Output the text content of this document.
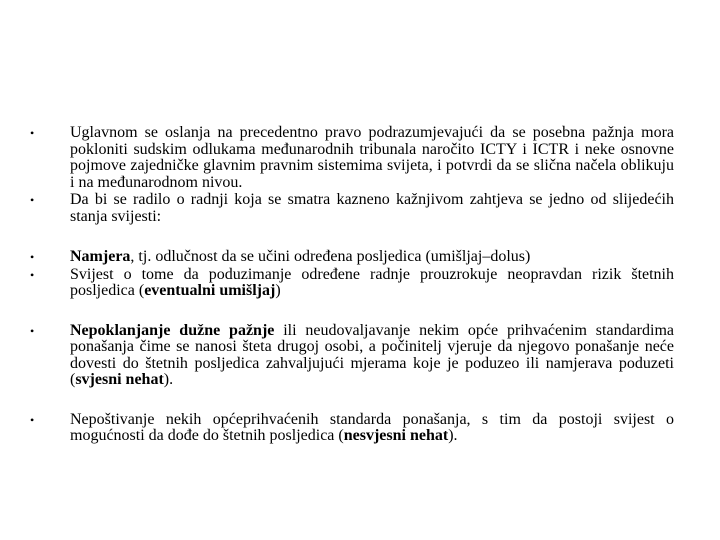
•	Uglavnom se oslanja na precedentno pravo podrazumjevajući da se posebna pažnja mora pokloniti sudskim odlukama međunarodnih tribunala naročito ICTY i ICTR i neke osnovne pojmove zajedničke glavnim pravnim sistemima svijeta, i potvrdi da se slična načela oblikuju i na međunarodnom nivou.
•	Da bi se radilo o radnji koja se smatra kazneno kažnjivom zahtjeva se jedno od slijedećih stanja svijesti:
•	Namjera, tj. odlučnost da se učini određena posljedica (umišljaj–dolus)
•	Svijest o tome da poduzimanje određene radnje prouzrokuje neopravdan rizik štetnih posljedica (eventualni umišljaj)
•	Nepoklanjanje dužne pažnje ili neudovaljavanje nekim opće prihvaćenim standardima ponašanja čime se nanosi šteta drugoj osobi, a počinitelj vjeruje da njegovo ponašanje neće dovesti do štetnih posljedica zahvaljujući mjerama koje je poduzeo ili namjerava poduzeti (svjesni nehat).
•	Nepoštivanje nekih općeprihvaćenih standarda ponašanja, s tim da postoji svijest o mogućnosti da dođe do štetnih posljedica (nesvjesni nehat).
